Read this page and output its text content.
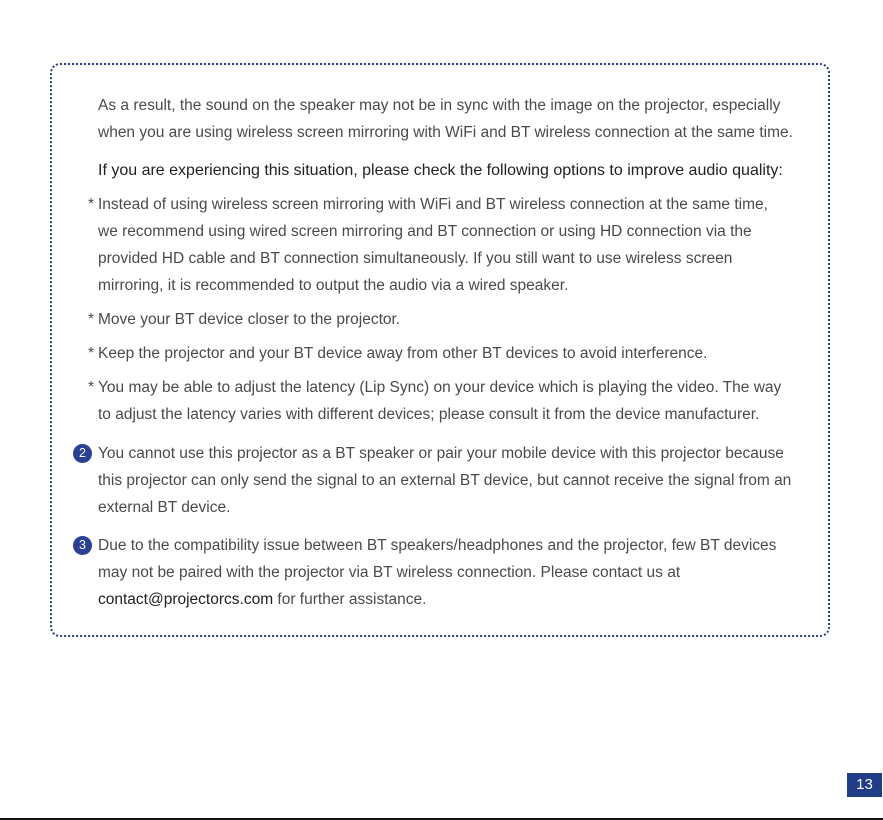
As a result, the sound on the speaker may not be in sync with the image on the projector, especially
when you are using wireless screen mirroring with WiFi and BT wireless connection at the same time.

If you are experiencing this situation, please check the following options to improve audio quality:

* Instead of using wireless screen mirroring with WiFi and BT wireless connection at the same time,
we recommend using wired screen mirroring and BT connection or using HD connection via the
provided HD cable and BT connection simultaneously. If you still want to use wireless screen
mirroring, it is recommended to output the audio via a wired speaker.
* Move your BT device closer to the projector.
* Keep the projector and your BT device away from other BT devices to avoid interference.
* You may be able to adjust the latency (Lip Sync) on your device which is playing the video. The way
to adjust the latency varies with different devices; please consult it from the device manufacturer.
2 You cannot use this projector as a BT speaker or pair your mobile device with this projector because
this projector can only send the signal to an external BT device, but cannot receive the signal from an
external BT device.
3 Due to the compatibility issue between BT speakers/headphones and the projector, few BT devices
may not be paired with the projector via BT wireless connection. Please contact us at
contact@projectorcs.com for further assistance.
13
